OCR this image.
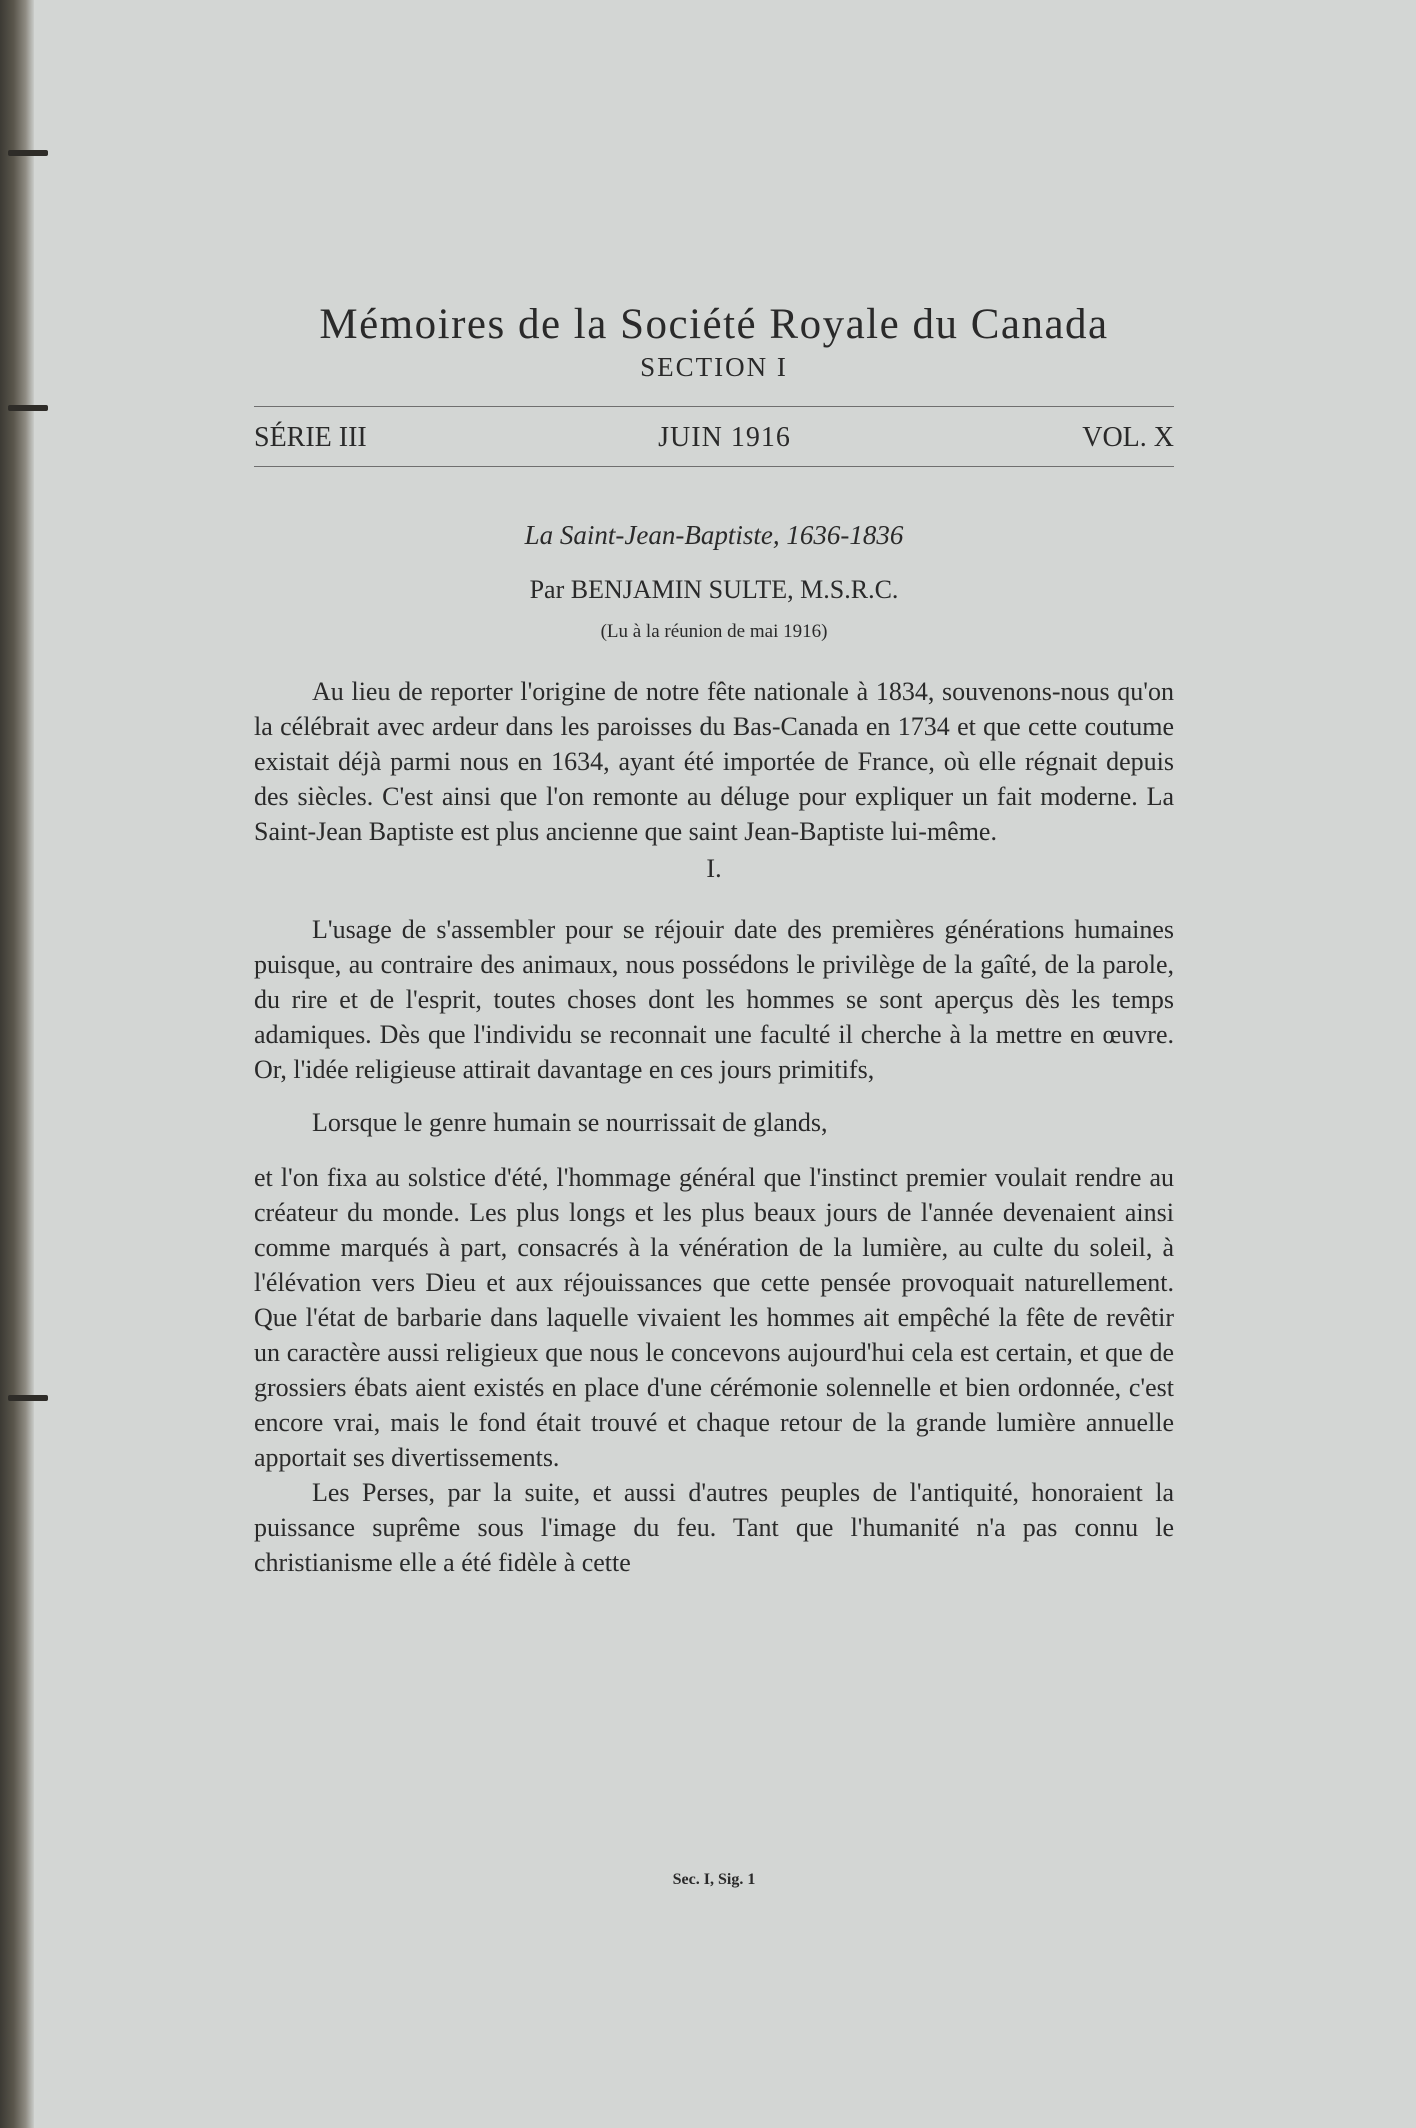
Mémoires de la Société Royale du Canada
SECTION I
SÉRIE III	JUIN 1916	VOL. X
La Saint-Jean-Baptiste, 1636-1836
Par BENJAMIN SULTE, M.S.R.C.
(Lu à la réunion de mai 1916)

Au lieu de reporter l'origine de notre fête nationale à 1834, souvenons-nous qu'on la célébrait avec ardeur dans les paroisses du Bas-Canada en 1734 et que cette coutume existait déjà parmi nous en 1634, ayant été importée de France, où elle régnait depuis des siècles. C'est ainsi que l'on remonte au déluge pour expliquer un fait moderne. La Saint-Jean Baptiste est plus ancienne que saint Jean-Baptiste lui-même.

I.

L'usage de s'assembler pour se réjouir date des premières générations humaines puisque, au contraire des animaux, nous possédons le privilège de la gaîté, de la parole, du rire et de l'esprit, toutes choses dont les hommes se sont aperçus dès les temps adamiques. Dès que l'individu se reconnait une faculté il cherche à la mettre en œuvre. Or, l'idée religieuse attirait davantage en ces jours primitifs,

Lorsque le genre humain se nourrissait de glands,

et l'on fixa au solstice d'été, l'hommage général que l'instinct premier voulait rendre au créateur du monde. Les plus longs et les plus beaux jours de l'année devenaient ainsi comme marqués à part, consacrés à la vénération de la lumière, au culte du soleil, à l'élévation vers Dieu et aux réjouissances que cette pensée provoquait naturellement. Que l'état de barbarie dans laquelle vivaient les hommes ait empêché la fête de revêtir un caractère aussi religieux que nous le concevons aujourd'hui cela est certain, et que de grossiers ébats aient existés en place d'une cérémonie solennelle et bien ordonnée, c'est encore vrai, mais le fond était trouvé et chaque retour de la grande lumière annuelle apportait ses divertissements.

Les Perses, par la suite, et aussi d'autres peuples de l'antiquité, honoraient la puissance suprême sous l'image du feu. Tant que l'humanité n'a pas connu le christianisme elle a été fidèle à cette

Sec. I, Sig. 1
